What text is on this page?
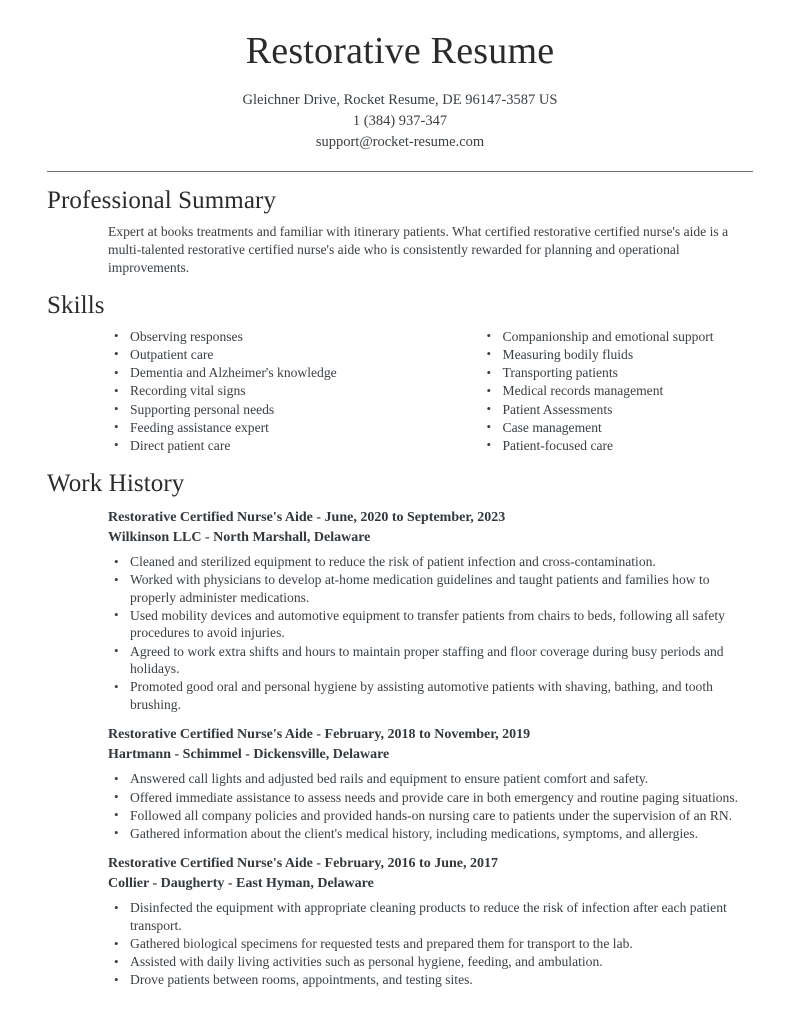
Restorative Resume
Gleichner Drive, Rocket Resume, DE 96147-3587 US
1 (384) 937-347
support@rocket-resume.com
Professional Summary

Expert at books treatments and familiar with itinerary patients. What certified restorative certified nurse's aide is a multi-talented restorative certified nurse's aide who is consistently rewarded for planning and operational improvements.

Skills
• Observing responses
• Outpatient care
• Dementia and Alzheimer's knowledge
• Recording vital signs
• Supporting personal needs
• Feeding assistance expert
• Direct patient care
• Companionship and emotional support
• Measuring bodily fluids
• Transporting patients
• Medical records management
• Patient Assessments
• Case management
• Patient-focused care
Work History
Restorative Certified Nurse's Aide - June, 2020 to September, 2023
Wilkinson LLC - North Marshall, Delaware
• Cleaned and sterilized equipment to reduce the risk of patient infection and cross-contamination.
• Worked with physicians to develop at-home medication guidelines and taught patients and families how to properly administer medications.
• Used mobility devices and automotive equipment to transfer patients from chairs to beds, following all safety procedures to avoid injuries.
• Agreed to work extra shifts and hours to maintain proper staffing and floor coverage during busy periods and holidays.
• Promoted good oral and personal hygiene by assisting automotive patients with shaving, bathing, and tooth brushing.
Restorative Certified Nurse's Aide - February, 2018 to November, 2019
Hartmann - Schimmel - Dickensville, Delaware
• Answered call lights and adjusted bed rails and equipment to ensure patient comfort and safety.
• Offered immediate assistance to assess needs and provide care in both emergency and routine paging situations.
• Followed all company policies and provided hands-on nursing care to patients under the supervision of an RN.
• Gathered information about the client's medical history, including medications, symptoms, and allergies.
Restorative Certified Nurse's Aide - February, 2016 to June, 2017
Collier - Daugherty - East Hyman, Delaware
• Disinfected the equipment with appropriate cleaning products to reduce the risk of infection after each patient transport.
• Gathered biological specimens for requested tests and prepared them for transport to the lab.
• Assisted with daily living activities such as personal hygiene, feeding, and ambulation.
• Drove patients between rooms, appointments, and testing sites.
